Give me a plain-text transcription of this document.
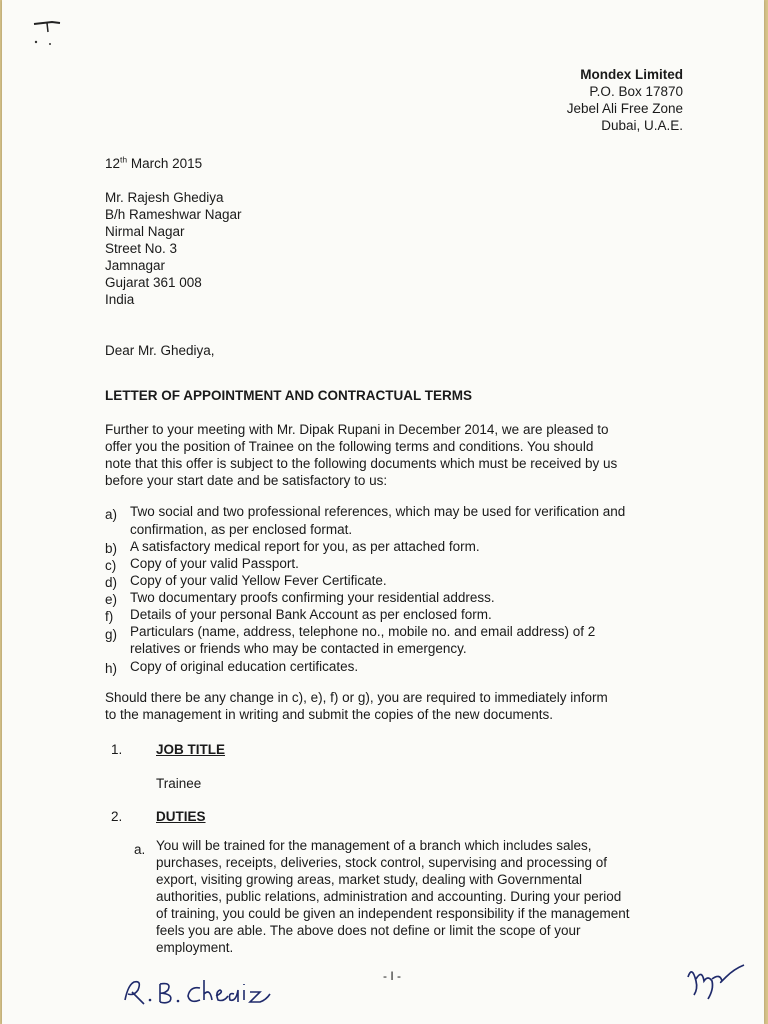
Mondex Limited
P.O. Box 17870
Jebel Ali Free Zone
Dubai, U.A.E.
12th March 2015
Mr. Rajesh Ghediya
B/h Rameshwar Nagar
Nirmal Nagar
Street No. 3
Jamnagar
Gujarat 361 008
India
Dear Mr. Ghediya,
LETTER OF APPOINTMENT AND CONTRACTUAL TERMS
Further to your meeting with Mr. Dipak Rupani in December 2014, we are pleased to
offer you the position of Trainee on the following terms and conditions. You should
note that this offer is subject to the following documents which must be received by us
before your start date and be satisfactory to us:
a) Two social and two professional references, which may be used for verification and
confirmation, as per enclosed format.
b) A satisfactory medical report for you, as per attached form.
c) Copy of your valid Passport.
d) Copy of your valid Yellow Fever Certificate.
e) Two documentary proofs confirming your residential address.
f) Details of your personal Bank Account as per enclosed form.
g) Particulars (name, address, telephone no., mobile no. and email address) of 2
relatives or friends who may be contacted in emergency.
h) Copy of original education certificates.
Should there be any change in c), e), f) or g), you are required to immediately inform
to the management in writing and submit the copies of the new documents.
1. JOB TITLE
Trainee
2. DUTIES
a. You will be trained for the management of a branch which includes sales,
purchases, receipts, deliveries, stock control, supervising and processing of
export, visiting growing areas, market study, dealing with Governmental
authorities, public relations, administration and accounting. During your period
of training, you could be given an independent responsibility if the management
feels you are able. The above does not define or limit the scope of your
employment.
- I -
